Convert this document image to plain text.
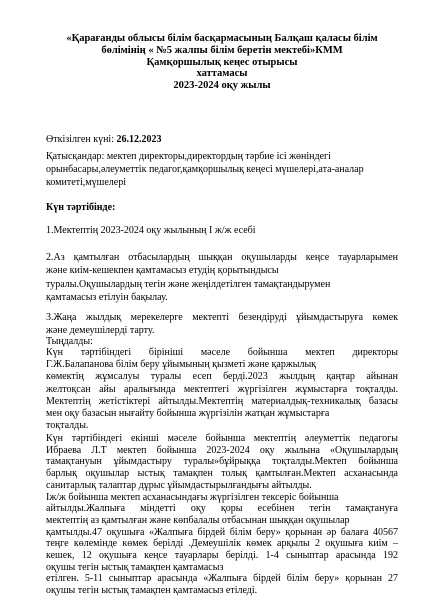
«Қарағанды облысы білім басқармасының Балқаш қаласы білім
бөлімінің « №5 жалпы білім беретін мектебі»КММ
Қамқоршылық кеңес отырысы
хаттамасы
2023-2024 оқу жылы
Өткізілген күні: 26.12.2023
Қатысқандар: мектеп директоры,директордың тәрбие ісі жөніндегі
орынбасары,әлеуметтік педагог,қамқоршылық кеңесі мүшелері,ата-аналар
комитеті,мүшелері
Күн тәртібінде:
1.Мектептің 2023-2024 оқу жылының І ж/ж есебі
2.Аз қамтылған отбасылардың шыққан оқушыларды кеңсе тауарларымен
және киім-кешекпен қамтамасыз етудің қорытындысы
туралы.Оқушылардың тегін және жеңілдетілген тамақтандырумен
қамтамасыз етілуін бақылау.
3.Жаңа жылдық мерекелерге мектепті безендіруді ұйымдастыруға көмек
және демеушілерді тарту.
Тыңдалды:
Күн тәртібіндегі бірініші мәселе бойынша мектеп директоры
Г.Ж.Балапанова білім беру ұйымының қызметі және қаржылық
көмектің жұмсалуы туралы есеп берді.2023 жылдың қаңтар айынан
желтоқсан айы аралығында мектептегі жүргізілген жұмыстарға тоқталды.
Мектептің жетістіктері айтылды.Мектептің материалдық-техникалық базасы
мен оқу базасын нығайту бойынша жүргізілін жатқан жұмыстарға
тоқталды.
Күн тәртібіндегі екінші мәселе бойынша мектептің әлеуметтік педагогы
Ибраева Л.Т мектеп бойынша 2023-2024 оқу жылына «Оқушылардың
тамақтануын ұйымдастыру туралы»бұйрыққа тоқталды.Мектеп бойынша
барлық оқушылар ыстық тамақпен толық қамтылған.Мектеп асханасында
санитарлық талаптар дұрыс ұйымдастырылғандығы айтылды.
Іж/ж бойынша мектеп асханасындағы жүргізілген тексеріс бойынша
айтылды.Жалпыға міндетті оқу қоры есебінен тегін тамақтануға
мектептің аз қамтылған және көпбалалы отбасынан шыққан оқушылар
қамтылды.47 оқушыға «Жалпыға бірдей білім беру» қорынан әр балаға 40567
теңге көлемінде көмек берілді .Демеушілік көмек арқылы 2 оқушыға киім –
кешек, 12 оқушыға кеңсе тауарлары берілді. 1-4 сыныптар арасында 192
оқушы тегін ыстық тамақпен қамтамасыз
етілген. 5-11 сыныптар арасында «Жалпыға бірдей білім беру» қорынан 27
оқушы тегін ыстық тамақпен қамтамасыз етіледі.
